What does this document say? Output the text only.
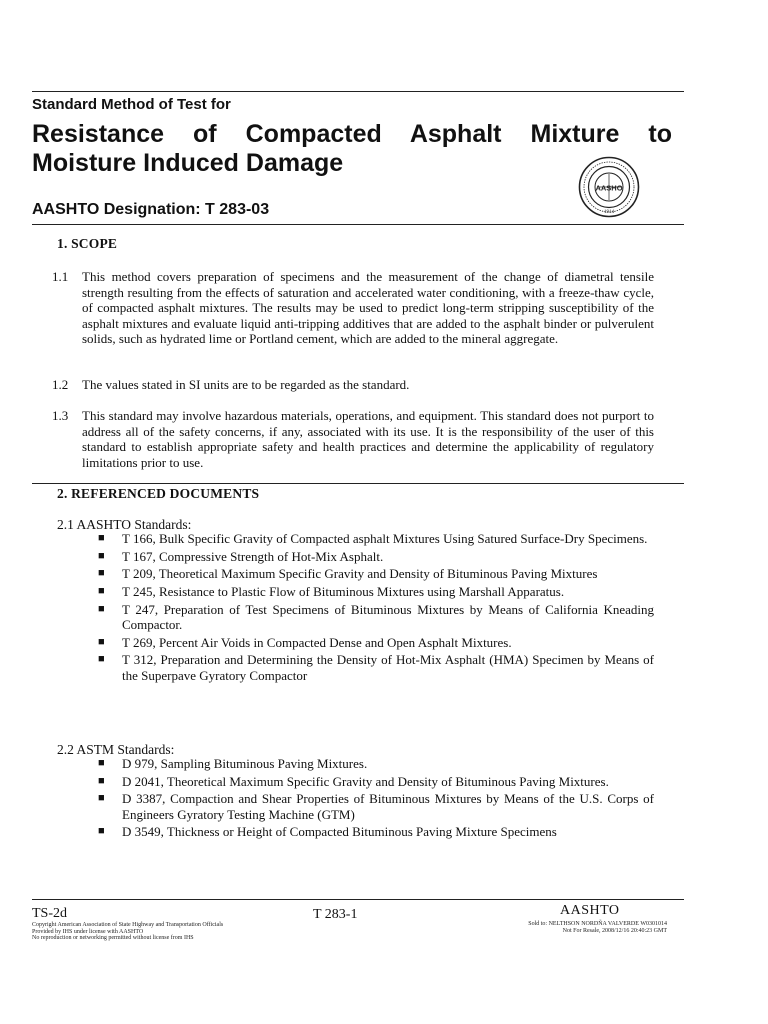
Standard Method of Test for
Resistance of Compacted Asphalt Mixture to
Moisture Induced Damage
AASHTO Designation: T 283-03
AASHO
1914
1. SCOPE
1.1 This method covers preparation of specimens and the measurement of the change of diametral tensile strength resulting from the effects of saturation and accelerated water conditioning, with a freeze-thaw cycle, of compacted asphalt mixtures. The results may be used to predict long-term stripping susceptibility of the asphalt mixtures and evaluate liquid anti-tripping additives that are added to the asphalt binder or pulverulent solids, such as hydrated lime or Portland cement, which are added to the mineral aggregate.
1.2 The values stated in SI units are to be regarded as the standard.
1.3 This standard may involve hazardous materials, operations, and equipment. This standard does not purport to address all of the safety concerns, if any, associated with its use. It is the responsibility of the user of this standard to establish appropriate safety and health practices and determine the applicability of regulatory limitations prior to use.
2. REFERENCED DOCUMENTS
2.1 AASHTO Standards:
■ T 166, Bulk Specific Gravity of Compacted asphalt Mixtures Using Satured Surface-Dry Specimens.
■ T 167, Compressive Strength of Hot-Mix Asphalt.
■ T 209, Theoretical Maximum Specific Gravity and Density of Bituminous Paving Mixtures
■ T 245, Resistance to Plastic Flow of Bituminous Mixtures using Marshall Apparatus.
■ T 247, Preparation of Test Specimens of Bituminous Mixtures by Means of California Kneading Compactor.
■ T 269, Percent Air Voids in Compacted Dense and Open Asphalt Mixtures.
■ T 312, Preparation and Determining the Density of Hot-Mix Asphalt (HMA) Specimen by Means of the Superpave Gyratory Compactor
2.2 ASTM Standards:
■ D 979, Sampling Bituminous Paving Mixtures.
■ D 2041, Theoretical Maximum Specific Gravity and Density of Bituminous Paving Mixtures.
■ D 3387, Compaction and Shear Properties of Bituminous Mixtures by Means of the U.S. Corps of Engineers Gyratory Testing Machine (GTM)
■ D 3549, Thickness or Height of Compacted Bituminous Paving Mixture Specimens
TS-2d
Copyright American Association of State Highway and Transportation Officials
Provided by IHS under license with AASHTO
No reproduction or networking permitted without license from IHS
T 283-1	AASHTO
Sold to: NELTHSON NORDÑA VALVERDE W0301014
Not For Resale, 2008/12/16 20:40:23 GMT
